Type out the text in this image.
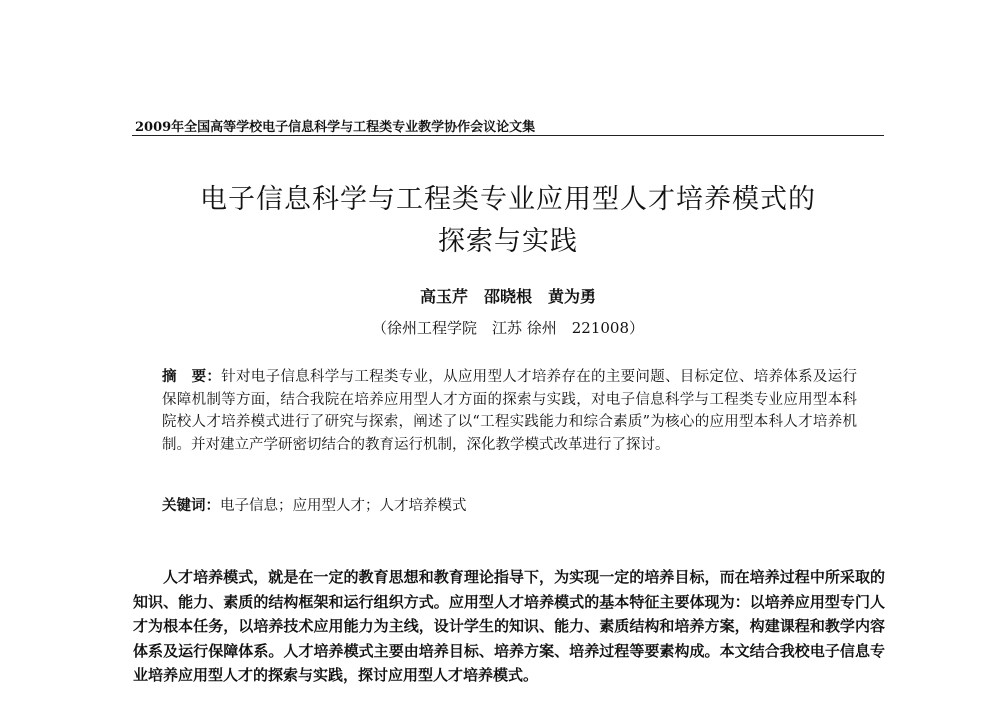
2009年全国高等学校电子信息科学与工程类专业教学协作会议论文集
电子信息科学与工程类专业应用型人才培养模式的
探索与实践
高玉芹　邵晓根　黄为勇
（徐州工程学院　江苏 徐州　221008）
摘　要：针对电子信息科学与工程类专业，从应用型人才培养存在的主要问题、目标定位、培养体系及运行保障机制等方面，结合我院在培养应用型人才方面的探索与实践，对电子信息科学与工程类专业应用型本科院校人才培养模式进行了研究与探索，阐述了以“工程实践能力和综合素质”为核心的应用型本科人才培养机制。并对建立产学研密切结合的教育运行机制，深化教学模式改革进行了探讨。
关键词：电子信息；应用型人才；人才培养模式
人才培养模式，就是在一定的教育思想和教育理论指导下，为实现一定的培养目标，而在培养过程中所采取的知识、能力、素质的结构框架和运行组织方式。应用型人才培养模式的基本特征主要体现为：以培养应用型专门人才为根本任务，以培养技术应用能力为主线，设计学生的知识、能力、素质结构和培养方案，构建课程和教学内容体系及运行保障体系。人才培养模式主要由培养目标、培养方案、培养过程等要素构成。本文结合我校电子信息专业培养应用型人才的探索与实践，探讨应用型人才培养模式。
